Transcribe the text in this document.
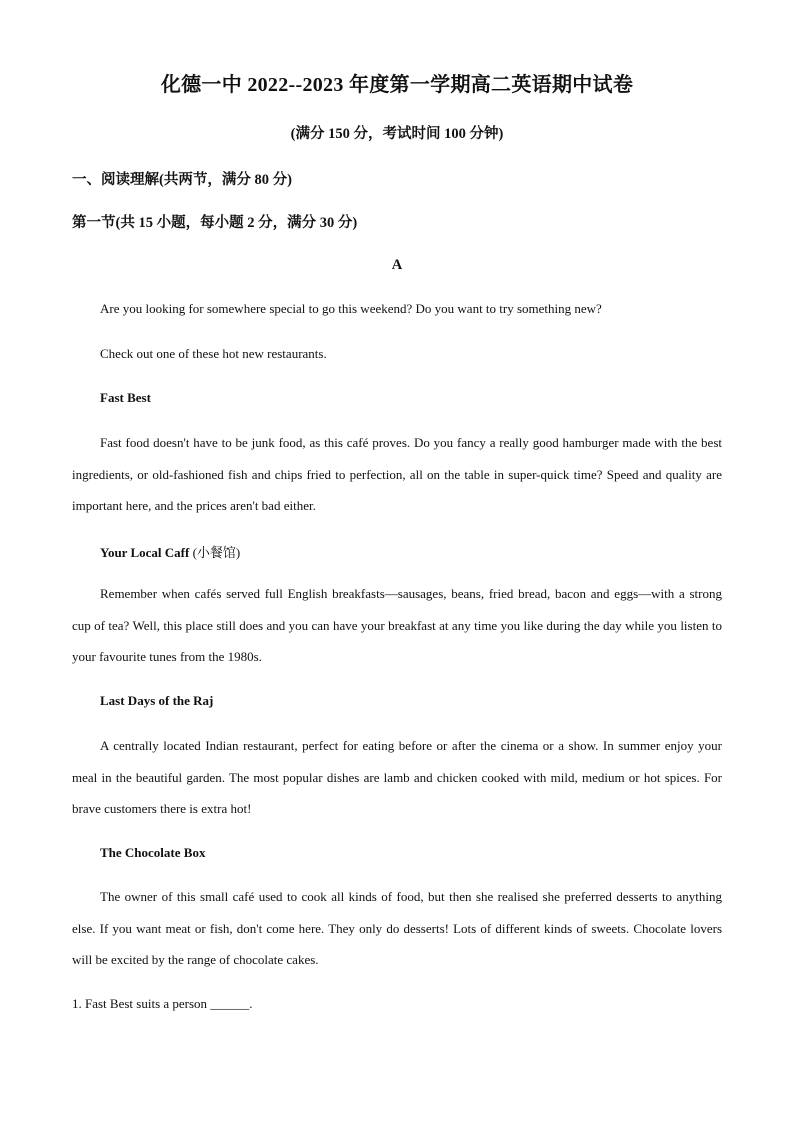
化德一中 2022--2023 年度第一学期高二英语期中试卷
(满分 150 分，考试时间 100 分钟)
一、阅读理解(共两节，满分 80 分)
第一节(共 15 小题，每小题 2 分，满分 30 分)
A

Are you looking for somewhere special to go this weekend? Do you want to try something new?

Check out one of these hot new restaurants.

Fast Best

Fast food doesn't have to be junk food, as this café proves. Do you fancy a really good hamburger made with the best ingredients, or old-fashioned fish and chips fried to perfection, all on the table in super-quick time? Speed and quality are important here, and the prices aren't bad either.

Your Local Caff (小餐馆)

Remember when cafés served full English breakfasts—sausages, beans, fried bread, bacon and eggs—with a strong cup of tea? Well, this place still does and you can have your breakfast at any time you like during the day while you listen to your favourite tunes from the 1980s.

Last Days of the Raj

A centrally located Indian restaurant, perfect for eating before or after the cinema or a show. In summer enjoy your meal in the beautiful garden. The most popular dishes are lamb and chicken cooked with mild, medium or hot spices. For brave customers there is extra hot!

The Chocolate Box

The owner of this small café used to cook all kinds of food, but then she realised she preferred desserts to anything else. If you want meat or fish, don't come here. They only do desserts! Lots of different kinds of sweets. Chocolate lovers will be excited by the range of chocolate cakes.

1. Fast Best suits a person ______.
